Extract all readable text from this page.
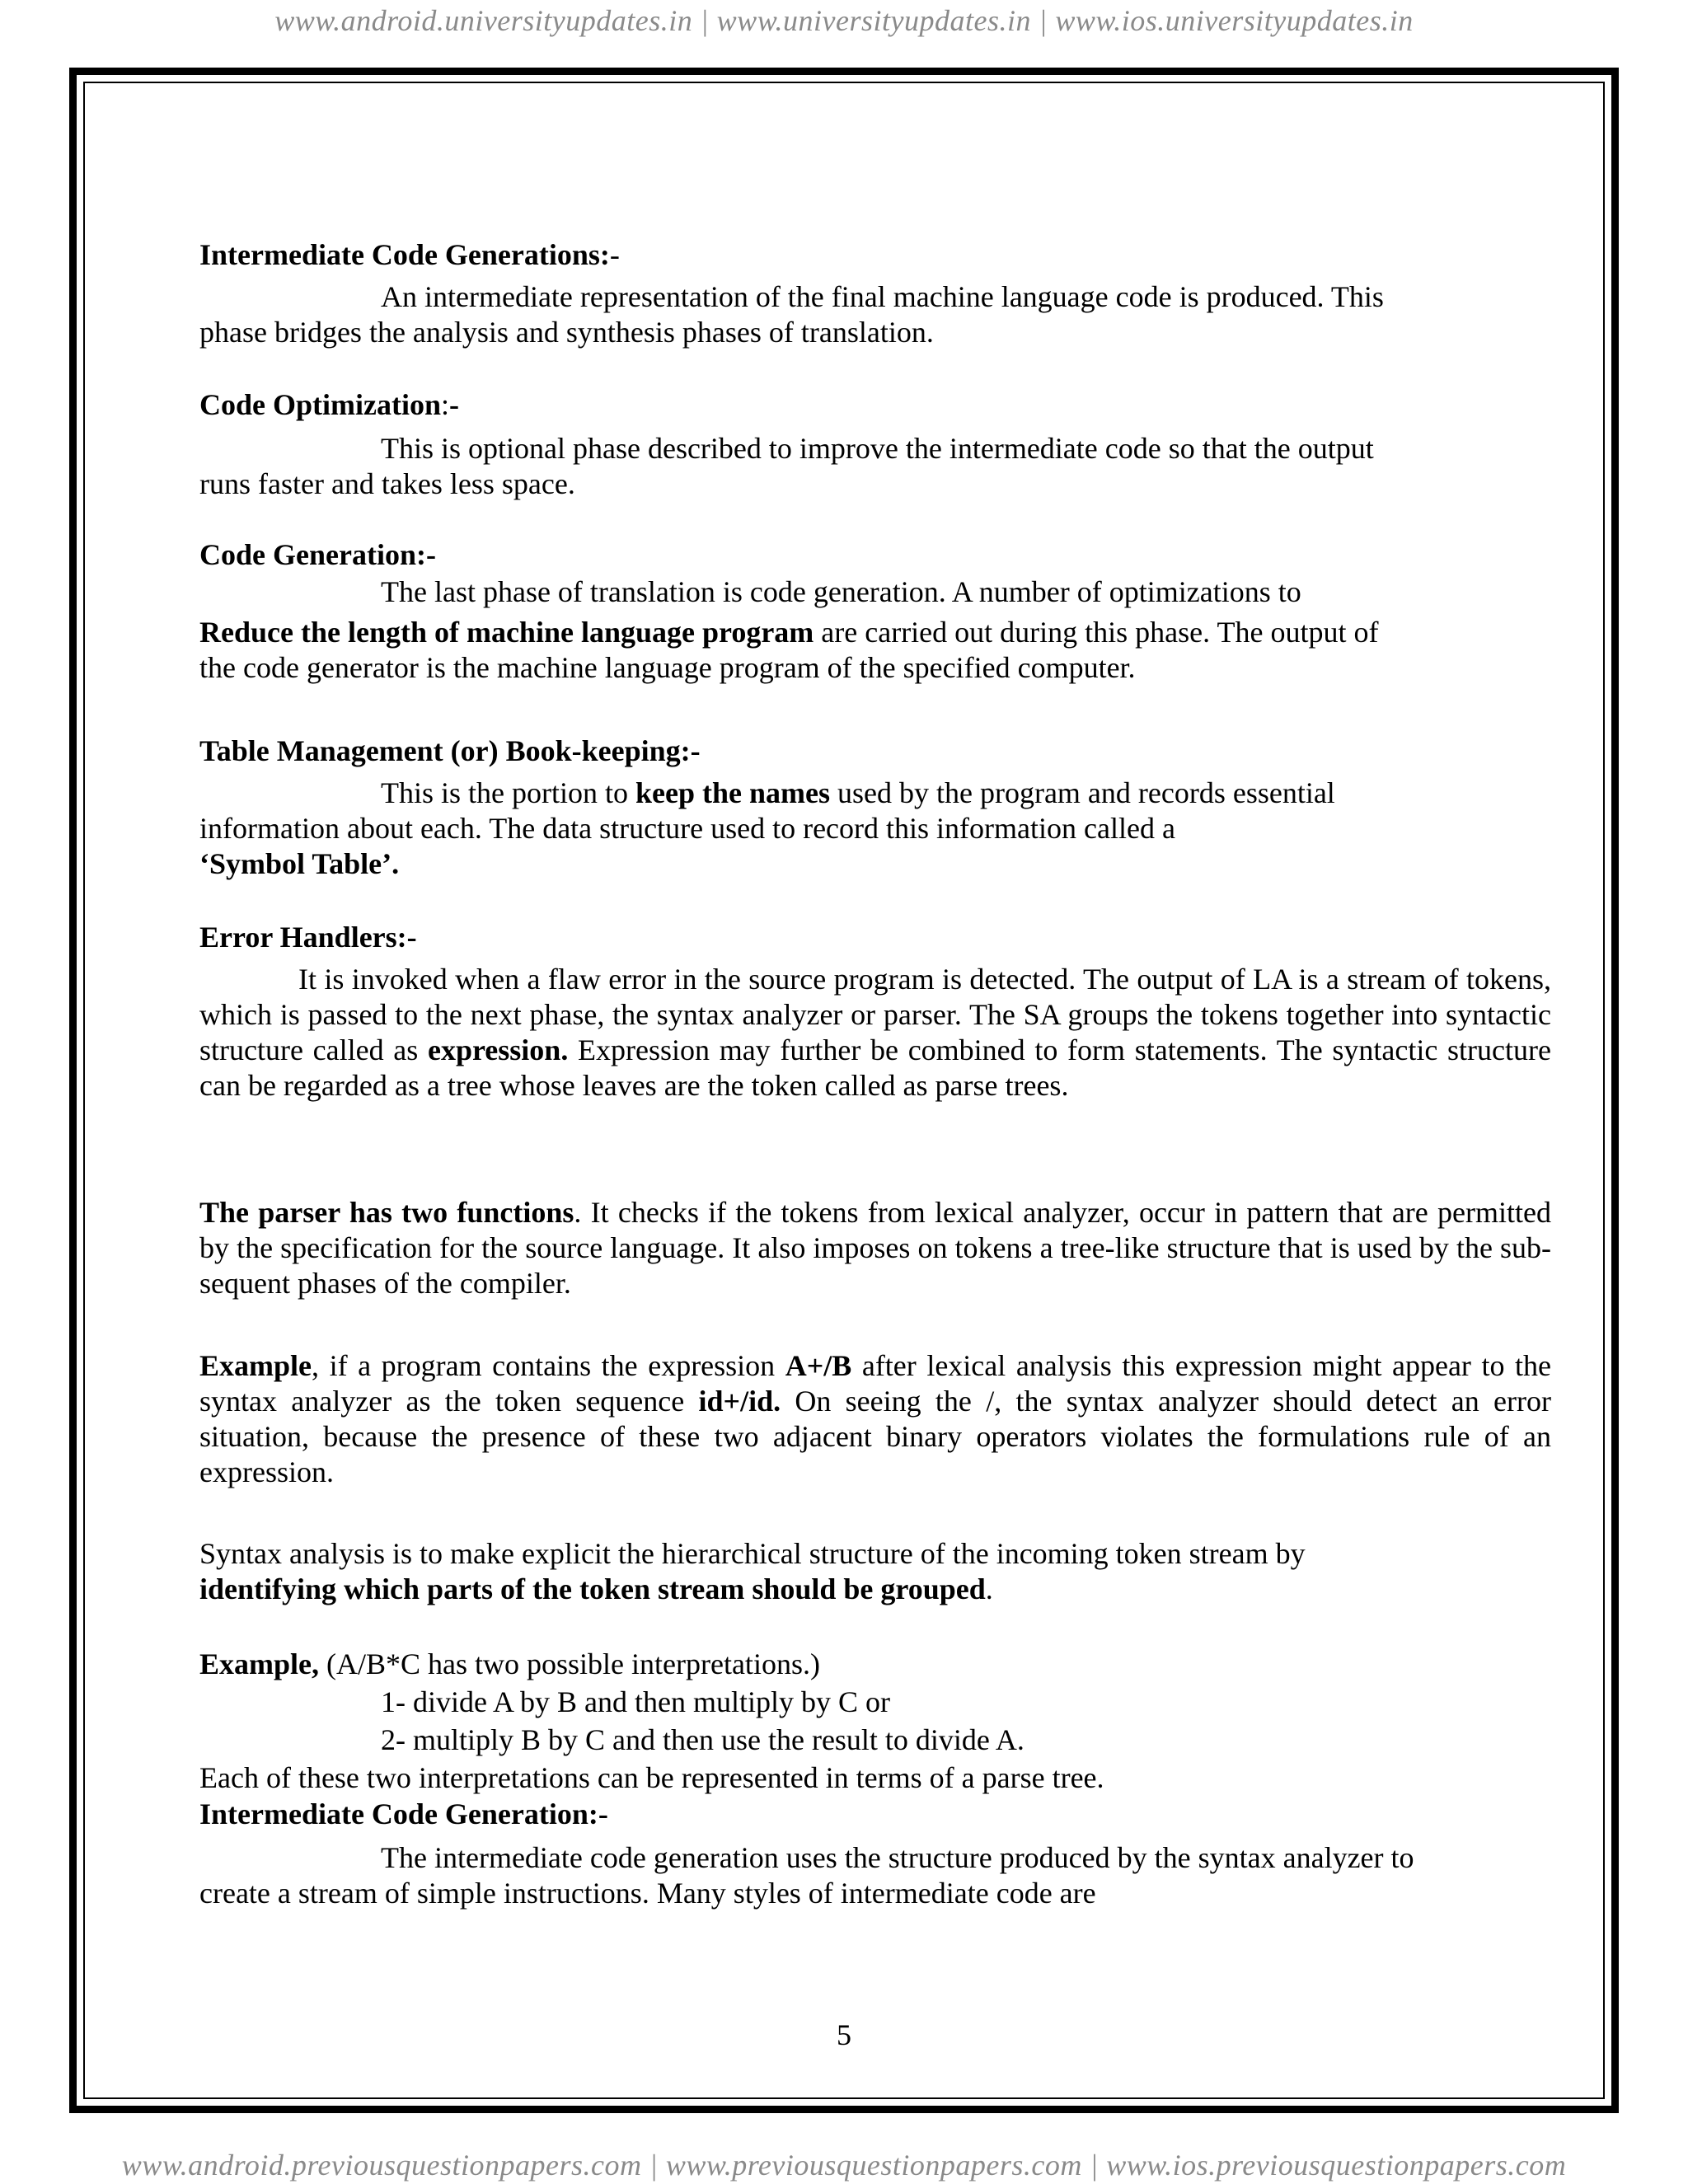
www.android.universityupdates.in | www.universityupdates.in | www.ios.universityupdates.in
Intermediate Code Generations:-
An intermediate representation of the final machine language code is produced. This
phase bridges the analysis and synthesis phases of translation.
Code Optimization:-
This is optional phase described to improve the intermediate code so that the output
runs faster and takes less space.
Code Generation:-
The last phase of translation is code generation. A number of optimizations to
Reduce the length of machine language program are carried out during this phase. The output of
the code generator is the machine language program of the specified computer.
Table Management (or) Book-keeping:-
This is the portion to keep the names used by the program and records essential
information about each. The data structure used to record this information called a
‘Symbol Table’.
Error Handlers:-
It is invoked when a flaw error in the source program is detected. The output of LA is a stream of tokens, which is passed to the next phase, the syntax analyzer or parser. The SA groups the tokens together into syntactic structure called as expression. Expression may further be combined to form statements. The syntactic structure can be regarded as a tree whose leaves are the token called as parse trees.
The parser has two functions. It checks if the tokens from lexical analyzer, occur in pattern that are permitted by the specification for the source language. It also imposes on tokens a tree-like structure that is used by the sub-sequent phases of the compiler.
Example, if a program contains the expression A+/B after lexical analysis this expression might appear to the syntax analyzer as the token sequence id+/id. On seeing the /, the syntax analyzer should detect an error situation, because the presence of these two adjacent binary operators violates the formulations rule of an expression.
Syntax analysis is to make explicit the hierarchical structure of the incoming token stream by
identifying which parts of the token stream should be grouped.
Example, (A/B*C has two possible interpretations.)
1- divide A by B and then multiply by C or
2- multiply B by C and then use the result to divide A.
Each of these two interpretations can be represented in terms of a parse tree.
Intermediate Code Generation:-
The intermediate code generation uses the structure produced by the syntax analyzer to
create a stream of simple instructions. Many styles of intermediate code are
5
www.android.previousquestionpapers.com | www.previousquestionpapers.com | www.ios.previousquestionpapers.com
